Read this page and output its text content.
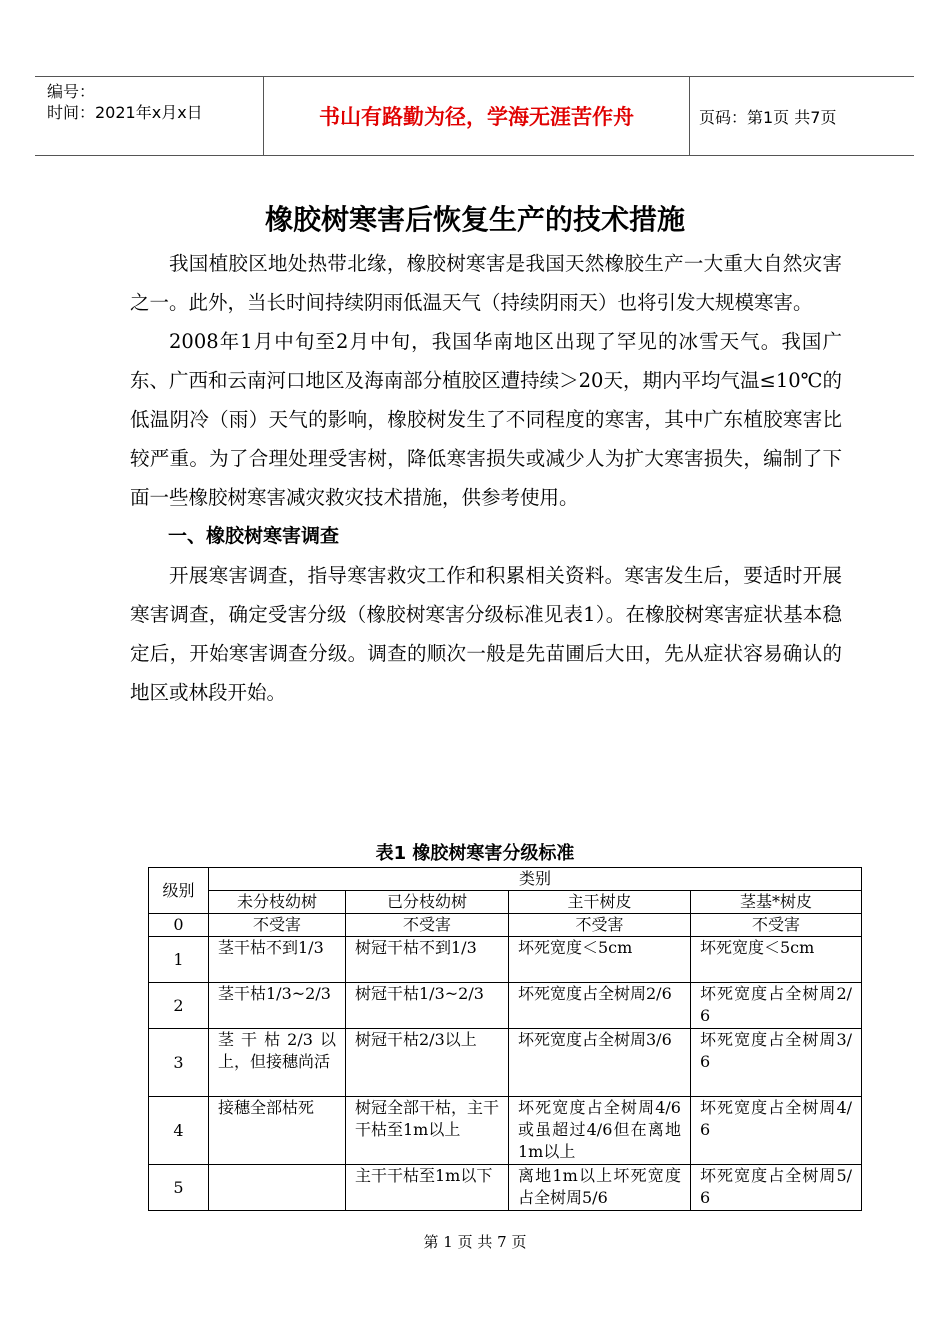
编号：
时间：2021年x月x日	书山有路勤为径，学海无涯苦作舟	页码：第1页 共7页
橡胶树寒害后恢复生产的技术措施

我国植胶区地处热带北缘，橡胶树寒害是我国天然橡胶生产一大重大自然灾害之一。此外，当长时间持续阴雨低温天气（持续阴雨天）也将引发大规模寒害。

2008年1月中旬至2月中旬，我国华南地区出现了罕见的冰雪天气。我国广东、广西和云南河口地区及海南部分植胶区遭持续＞20天，期内平均气温≤10℃的低温阴冷（雨）天气的影响，橡胶树发生了不同程度的寒害，其中广东植胶寒害比较严重。为了合理处理受害树，降低寒害损失或减少人为扩大寒害损失，编制了下面一些橡胶树寒害减灾救灾技术措施，供参考使用。

一、橡胶树寒害调查

开展寒害调查，指导寒害救灾工作和积累相关资料。寒害发生后，要适时开展寒害调查，确定受害分级（橡胶树寒害分级标准见表1）。在橡胶树寒害症状基本稳定后，开始寒害调查分级。调查的顺次一般是先苗圃后大田，先从症状容易确认的地区或林段开始。

表1 橡胶树寒害分级标准
级别	类别			
	未分枝幼树	已分枝幼树	主干树皮	茎基*树皮
0	不受害	不受害	不受害	不受害
1	茎干枯不到1/3	树冠干枯不到1/3	坏死宽度＜5cm	坏死宽度＜5cm
2	茎干枯1/3~2/3	树冠干枯1/3~2/3	坏死宽度占全树周2/6	坏死宽度占全树周2/6
3	茎干枯2/3以上，但接穗尚活	树冠干枯2/3以上	坏死宽度占全树周3/6	坏死宽度占全树周3/6
4	接穗全部枯死	树冠全部干枯，主干干枯至1m以上	坏死宽度占全树周4/6或虽超过4/6但在离地1m以上	坏死宽度占全树周4/6
5		主干干枯至1m以下	离地1m以上坏死宽度占全树周5/6	坏死宽度占全树周5/6
第 1 页 共 7 页
